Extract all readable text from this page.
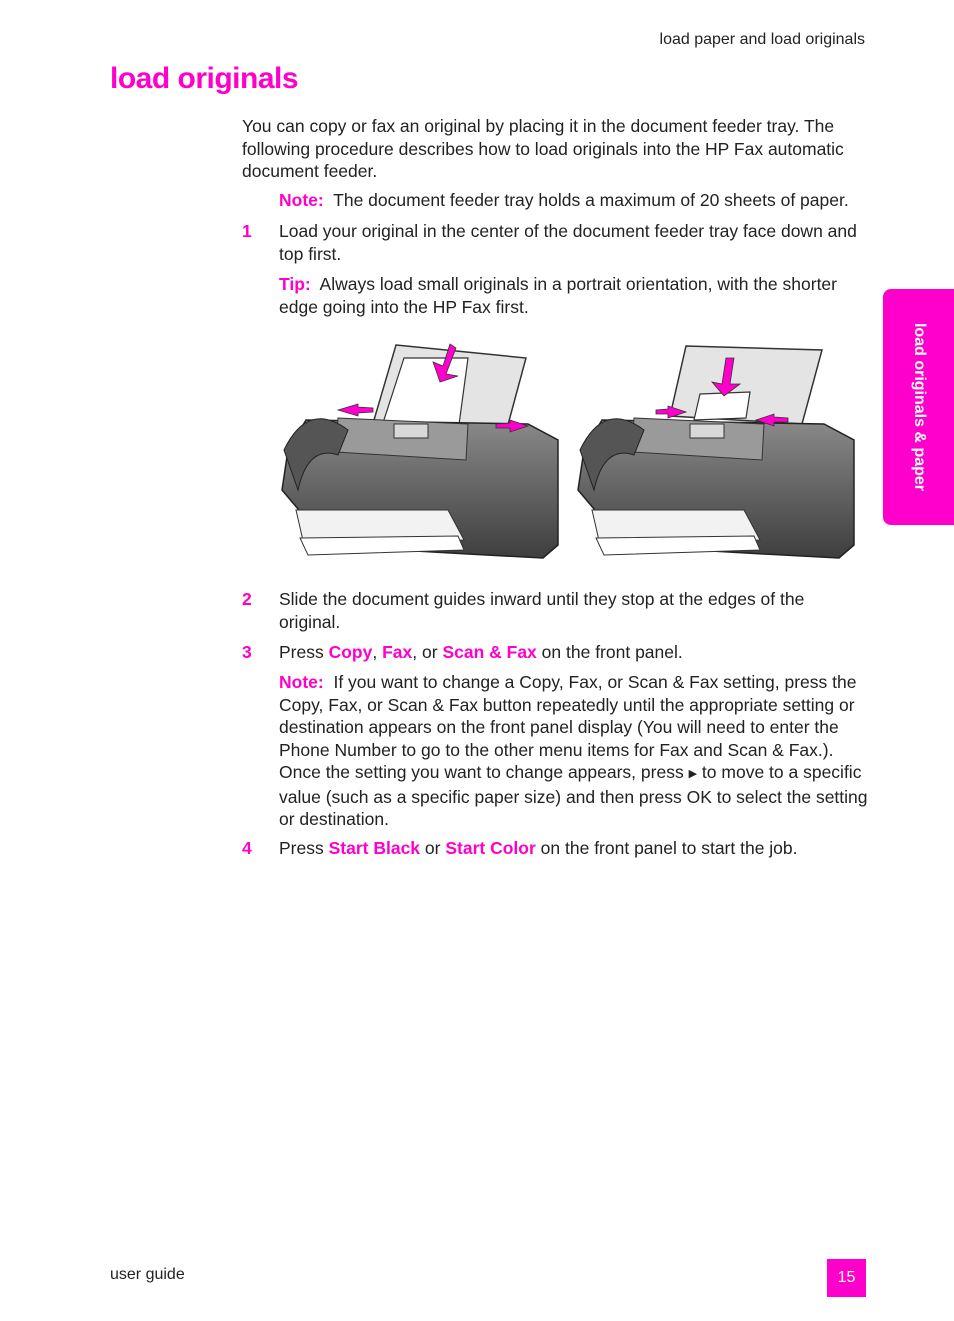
load paper and load originals
load originals
You can copy or fax an original by placing it in the document feeder tray. The following procedure describes how to load originals into the HP Fax automatic document feeder.
Note: The document feeder tray holds a maximum of 20 sheets of paper.
1 Load your original in the center of the document feeder tray face down and top first.
Tip: Always load small originals in a portrait orientation, with the shorter edge going into the HP Fax first.
2 Slide the document guides inward until they stop at the edges of the original.
3 Press Copy, Fax, or Scan & Fax on the front panel.
Note: If you want to change a Copy, Fax, or Scan & Fax setting, press the Copy, Fax, or Scan & Fax button repeatedly until the appropriate setting or destination appears on the front panel display (You will need to enter the Phone Number to go to the other menu items for Fax and Scan & Fax.). Once the setting you want to change appears, press ▶ to move to a specific value (such as a specific paper size) and then press OK to select the setting or destination.
4 Press Start Black or Start Color on the front panel to start the job.
load originals & paper
user guide	15
